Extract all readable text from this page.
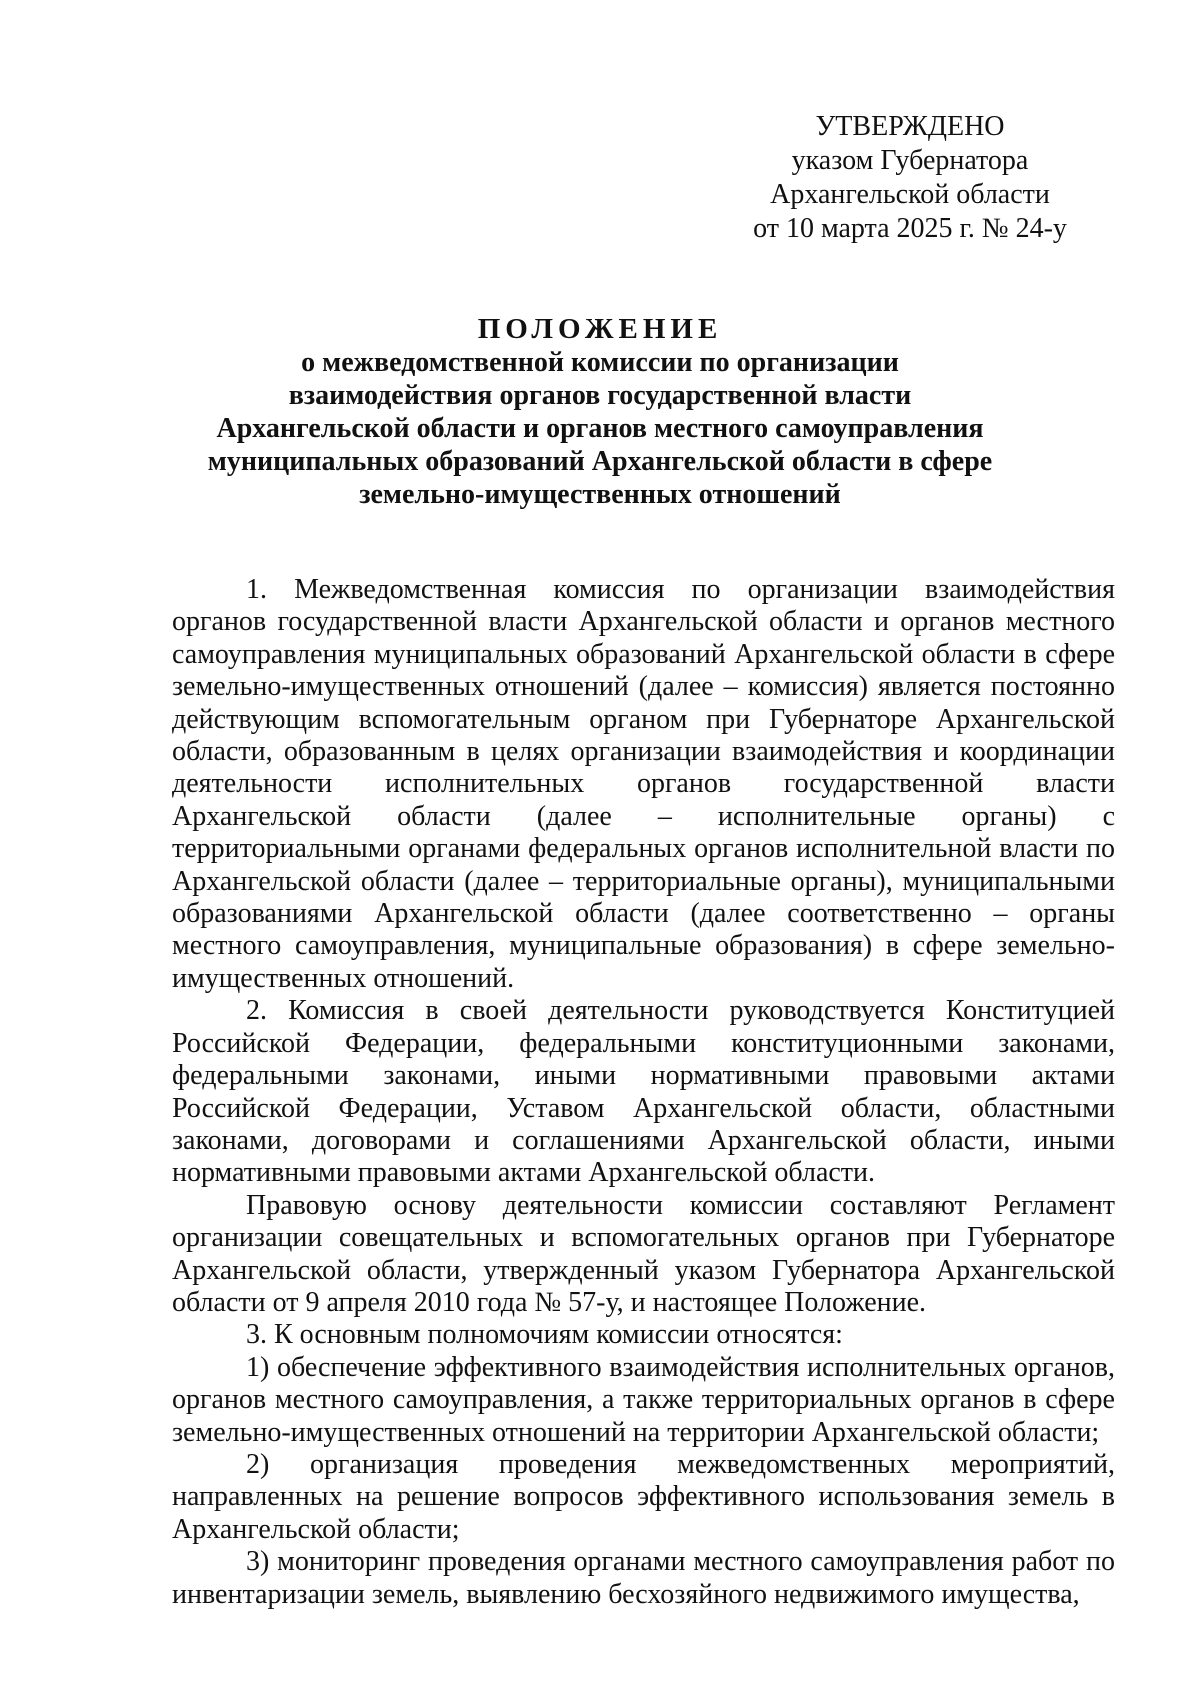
УТВЕРЖДЕНО
указом Губернатора
Архангельской области
от 10 марта 2025 г. № 24-у
ПОЛОЖЕНИЕ
о межведомственной комиссии по организации
взаимодействия органов государственной власти
Архангельской области и органов местного самоуправления
муниципальных образований Архангельской области в сфере
земельно-имущественных отношений

1. Межведомственная комиссия по организации взаимодействия органов государственной власти Архангельской области и органов местного самоуправления муниципальных образований Архангельской области в сфере земельно-имущественных отношений (далее – комиссия) является постоянно действующим вспомогательным органом при Губернаторе Архангельской области, образованным в целях организации взаимодействия и координации деятельности исполнительных органов государственной власти Архангельской области (далее – исполнительные органы) с территориальными органами федеральных органов исполнительной власти по Архангельской области (далее – территориальные органы), муниципальными образованиями Архангельской области (далее соответственно – органы местного самоуправления, муниципальные образования) в сфере земельно-имущественных отношений.

2. Комиссия в своей деятельности руководствуется Конституцией Российской Федерации, федеральными конституционными законами, федеральными законами, иными нормативными правовыми актами Российской Федерации, Уставом Архангельской области, областными законами, договорами и соглашениями Архангельской области, иными нормативными правовыми актами Архангельской области.

Правовую основу деятельности комиссии составляют Регламент организации совещательных и вспомогательных органов при Губернаторе Архангельской области, утвержденный указом Губернатора Архангельской области от 9 апреля 2010 года № 57-у, и настоящее Положение.

3. К основным полномочиям комиссии относятся:

1) обеспечение эффективного взаимодействия исполнительных органов, органов местного самоуправления, а также территориальных органов в сфере земельно-имущественных отношений на территории Архангельской области;

2) организация проведения межведомственных мероприятий, направленных на решение вопросов эффективного использования земель в Архангельской области;

3) мониторинг проведения органами местного самоуправления работ по инвентаризации земель, выявлению бесхозяйного недвижимого имущества,
